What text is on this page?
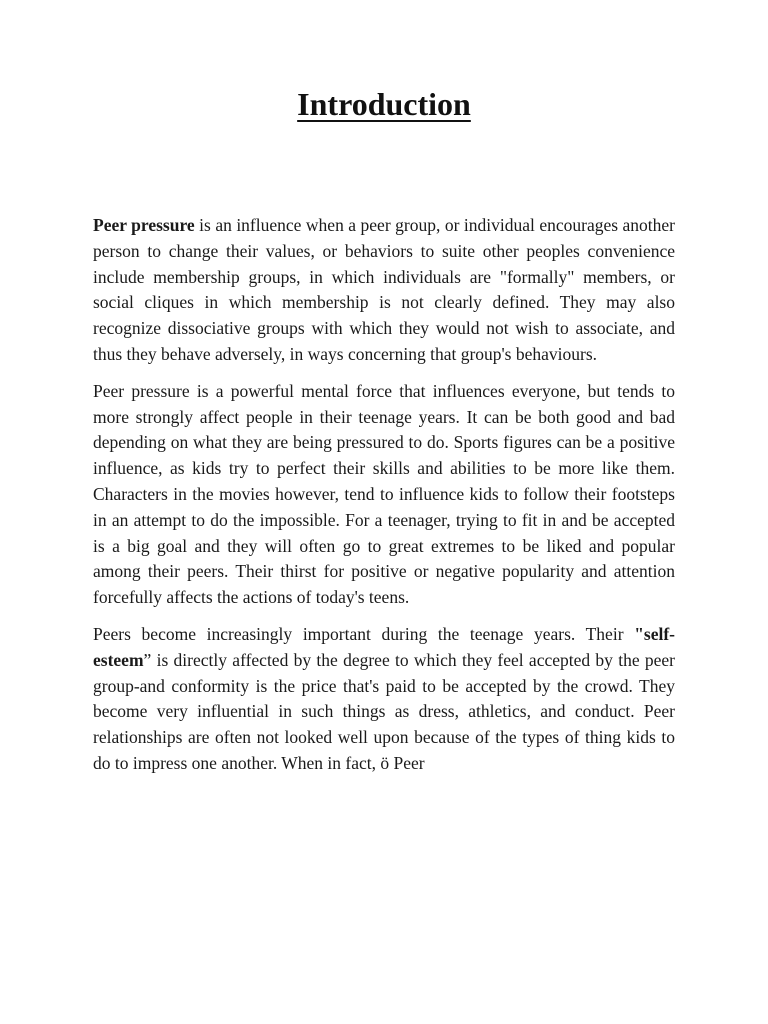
Introduction

Peer pressure is an influence when a peer group, or individual encourages another person to change their values, or behaviors to suite other peoples convenience include membership groups, in which individuals are "formally" members, or social cliques in which membership is not clearly defined. They may also recognize dissociative groups with which they would not wish to associate, and thus they behave adversely, in ways concerning that group's behaviours.

Peer pressure is a powerful mental force that influences everyone, but tends to more strongly affect people in their teenage years. It can be both good and bad depending on what they are being pressured to do. Sports figures can be a positive influence, as kids try to perfect their skills and abilities to be more like them. Characters in the movies however, tend to influence kids to follow their footsteps in an attempt to do the impossible. For a teenager, trying to fit in and be accepted is a big goal and they will often go to great extremes to be liked and popular among their peers. Their thirst for positive or negative popularity and attention forcefully affects the actions of today's teens.

Peers become increasingly important during the teenage years. Their "self-esteem” is directly affected by the degree to which they feel accepted by the peer group-and conformity is the price that's paid to be accepted by the crowd. They become very influential in such things as dress, athletics, and conduct. Peer relationships are often not looked well upon because of the types of thing kids to do to impress one another. When in fact, ö Peer
